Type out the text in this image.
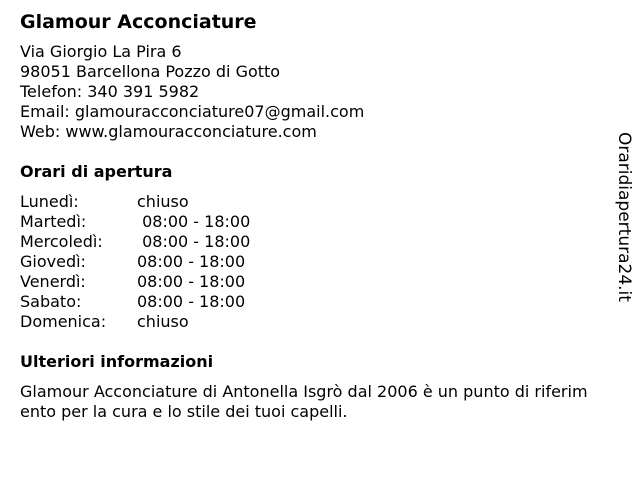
Glamour Acconciature
Via Giorgio La Pira 6
98051 Barcellona Pozzo di Gotto
Telefon: 340 391 5982
Email: glamouracconciature07@gmail.com
Web: www.glamouracconciature.com
Orari di apertura
Lunedì:	chiuso
Martedì:	08:00 - 18:00
Mercoledì:	08:00 - 18:00
Giovedì:	08:00 - 18:00
Venerdì:	08:00 - 18:00
Sabato:	08:00 - 18:00
Domenica:	chiuso
Ulteriori informazioni
Glamour Acconciature di Antonella Isgrò dal 2006 è un punto di riferimento per la cura e lo stile dei tuoi capelli.
Oraridiapertura24.it
